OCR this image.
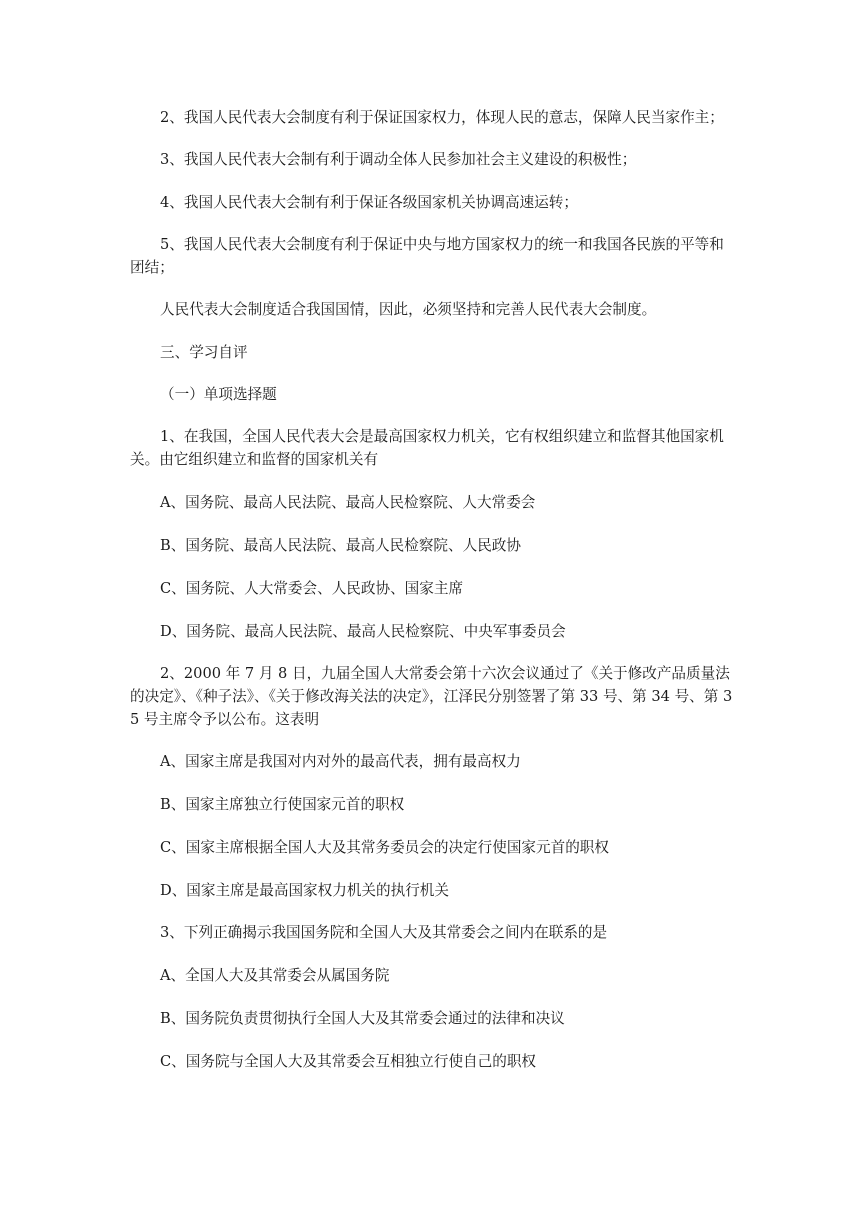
2、我国人民代表大会制度有利于保证国家权力，体现人民的意志，保障人民当家作主；

3、我国人民代表大会制有利于调动全体人民参加社会主义建设的积极性；

4、我国人民代表大会制有利于保证各级国家机关协调高速运转；

5、我国人民代表大会制度有利于保证中央与地方国家权力的统一和我国各民族的平等和团结；

人民代表大会制度适合我国国情，因此，必须坚持和完善人民代表大会制度。

三、学习自评

（一）单项选择题

1、在我国，全国人民代表大会是最高国家权力机关，它有权组织建立和监督其他国家机关。由它组织建立和监督的国家机关有

A、国务院、最高人民法院、最高人民检察院、人大常委会

B、国务院、最高人民法院、最高人民检察院、人民政协

C、国务院、人大常委会、人民政协、国家主席

D、国务院、最高人民法院、最高人民检察院、中央军事委员会

2、2000 年 7 月 8 日，九届全国人大常委会第十六次会议通过了《关于修改产品质量法的决定》、《种子法》、《关于修改海关法的决定》，江泽民分别签署了第 33 号、第 34 号、第 35 号主席令予以公布。这表明

A、国家主席是我国对内对外的最高代表，拥有最高权力

B、国家主席独立行使国家元首的职权

C、国家主席根据全国人大及其常务委员会的决定行使国家元首的职权

D、国家主席是最高国家权力机关的执行机关

3、下列正确揭示我国国务院和全国人大及其常委会之间内在联系的是

A、全国人大及其常委会从属国务院

B、国务院负责贯彻执行全国人大及其常委会通过的法律和决议

C、国务院与全国人大及其常委会互相独立行使自己的职权
